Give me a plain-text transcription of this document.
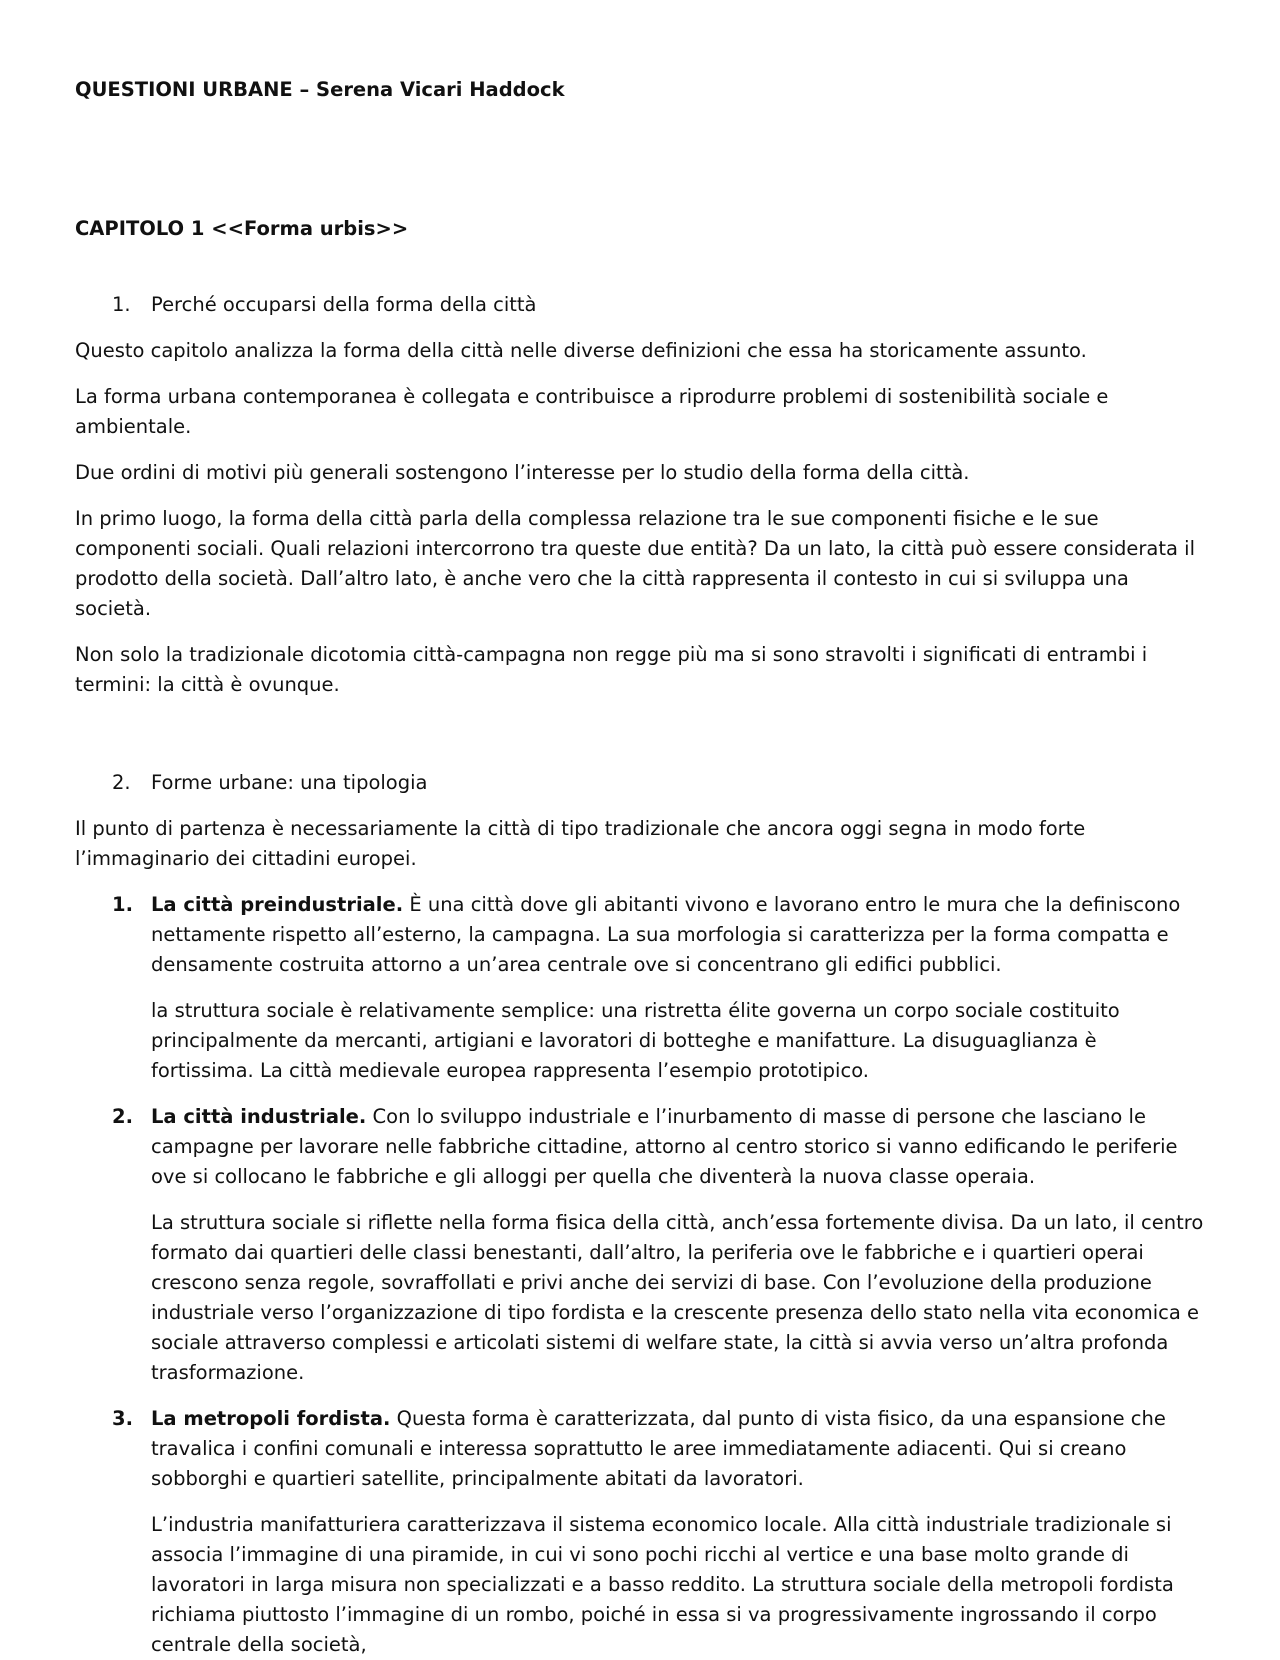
QUESTIONI URBANE – Serena Vicari Haddock

CAPITOLO 1 <<Forma urbis>>

1. Perché occuparsi della forma della città

Questo capitolo analizza la forma della città nelle diverse definizioni che essa ha storicamente assunto.

La forma urbana contemporanea è collegata e contribuisce a riprodurre problemi di sostenibilità sociale e ambientale.

Due ordini di motivi più generali sostengono l’interesse per lo studio della forma della città.

In primo luogo, la forma della città parla della complessa relazione tra le sue componenti fisiche e le sue componenti sociali. Quali relazioni intercorrono tra queste due entità? Da un lato, la città può essere considerata il prodotto della società. Dall’altro lato, è anche vero che la città rappresenta il contesto in cui si sviluppa una società.

Non solo la tradizionale dicotomia città-campagna non regge più ma si sono stravolti i significati di entrambi i termini: la città è ovunque.

2. Forme urbane: una tipologia

Il punto di partenza è necessariamente la città di tipo tradizionale che ancora oggi segna in modo forte l’immaginario dei cittadini europei.

1. La città preindustriale. È una città dove gli abitanti vivono e lavorano entro le mura che la definiscono nettamente rispetto all’esterno, la campagna. La sua morfologia si caratterizza per la forma compatta e densamente costruita attorno a un’area centrale ove si concentrano gli edifici pubblici.

la struttura sociale è relativamente semplice: una ristretta élite governa un corpo sociale costituito principalmente da mercanti, artigiani e lavoratori di botteghe e manifatture. La disuguaglianza è fortissima. La città medievale europea rappresenta l’esempio prototipico.

2. La città industriale. Con lo sviluppo industriale e l’inurbamento di masse di persone che lasciano le campagne per lavorare nelle fabbriche cittadine, attorno al centro storico si vanno edificando le periferie ove si collocano le fabbriche e gli alloggi per quella che diventerà la nuova classe operaia.

La struttura sociale si riflette nella forma fisica della città, anch’essa fortemente divisa. Da un lato, il centro formato dai quartieri delle classi benestanti, dall’altro, la periferia ove le fabbriche e i quartieri operai crescono senza regole, sovraffollati e privi anche dei servizi di base. Con l’evoluzione della produzione industriale verso l’organizzazione di tipo fordista e la crescente presenza dello stato nella vita economica e sociale attraverso complessi e articolati sistemi di welfare state, la città si avvia verso un’altra profonda trasformazione.

3. La metropoli fordista. Questa forma è caratterizzata, dal punto di vista fisico, da una espansione che travalica i confini comunali e interessa soprattutto le aree immediatamente adiacenti. Qui si creano sobborghi e quartieri satellite, principalmente abitati da lavoratori.

L’industria manifatturiera caratterizzava il sistema economico locale. Alla città industriale tradizionale si associa l’immagine di una piramide, in cui vi sono pochi ricchi al vertice e una base molto grande di lavoratori in larga misura non specializzati e a basso reddito. La struttura sociale della metropoli fordista richiama piuttosto l’immagine di un rombo, poiché in essa si va progressivamente ingrossando il corpo centrale della società,
